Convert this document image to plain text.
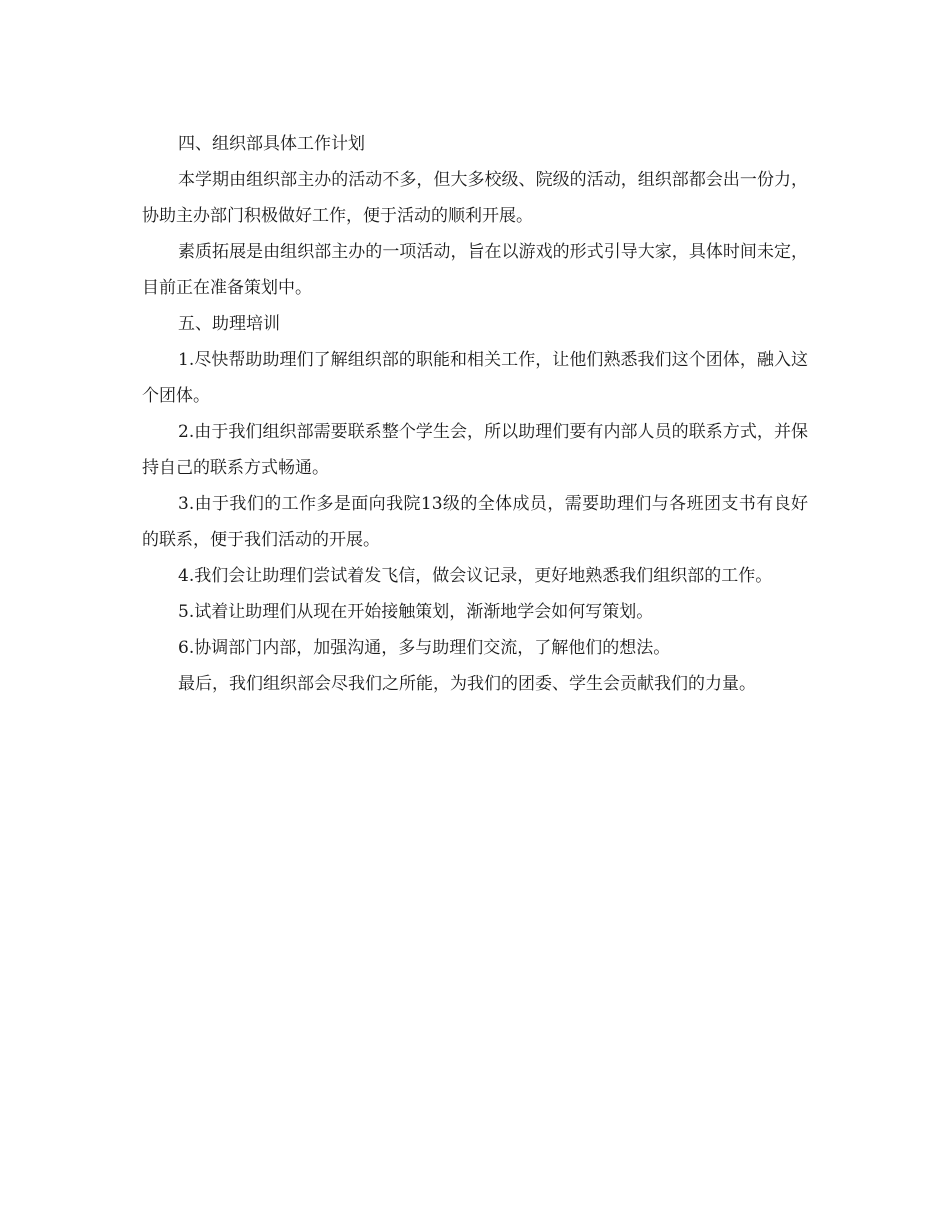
四、组织部具体工作计划

本学期由组织部主办的活动不多，但大多校级、院级的活动，组织部都会出一份力，协助主办部门积极做好工作，便于活动的顺利开展。

素质拓展是由组织部主办的一项活动，旨在以游戏的形式引导大家，具体时间未定，目前正在准备策划中。

五、助理培训

1.尽快帮助助理们了解组织部的职能和相关工作，让他们熟悉我们这个团体，融入这个团体。

2.由于我们组织部需要联系整个学生会，所以助理们要有内部人员的联系方式，并保持自己的联系方式畅通。

3.由于我们的工作多是面向我院13级的全体成员，需要助理们与各班团支书有良好的联系，便于我们活动的开展。

4.我们会让助理们尝试着发飞信，做会议记录，更好地熟悉我们组织部的工作。

5.试着让助理们从现在开始接触策划，渐渐地学会如何写策划。

6.协调部门内部，加强沟通，多与助理们交流，了解他们的想法。

最后，我们组织部会尽我们之所能，为我们的团委、学生会贡献我们的力量。
